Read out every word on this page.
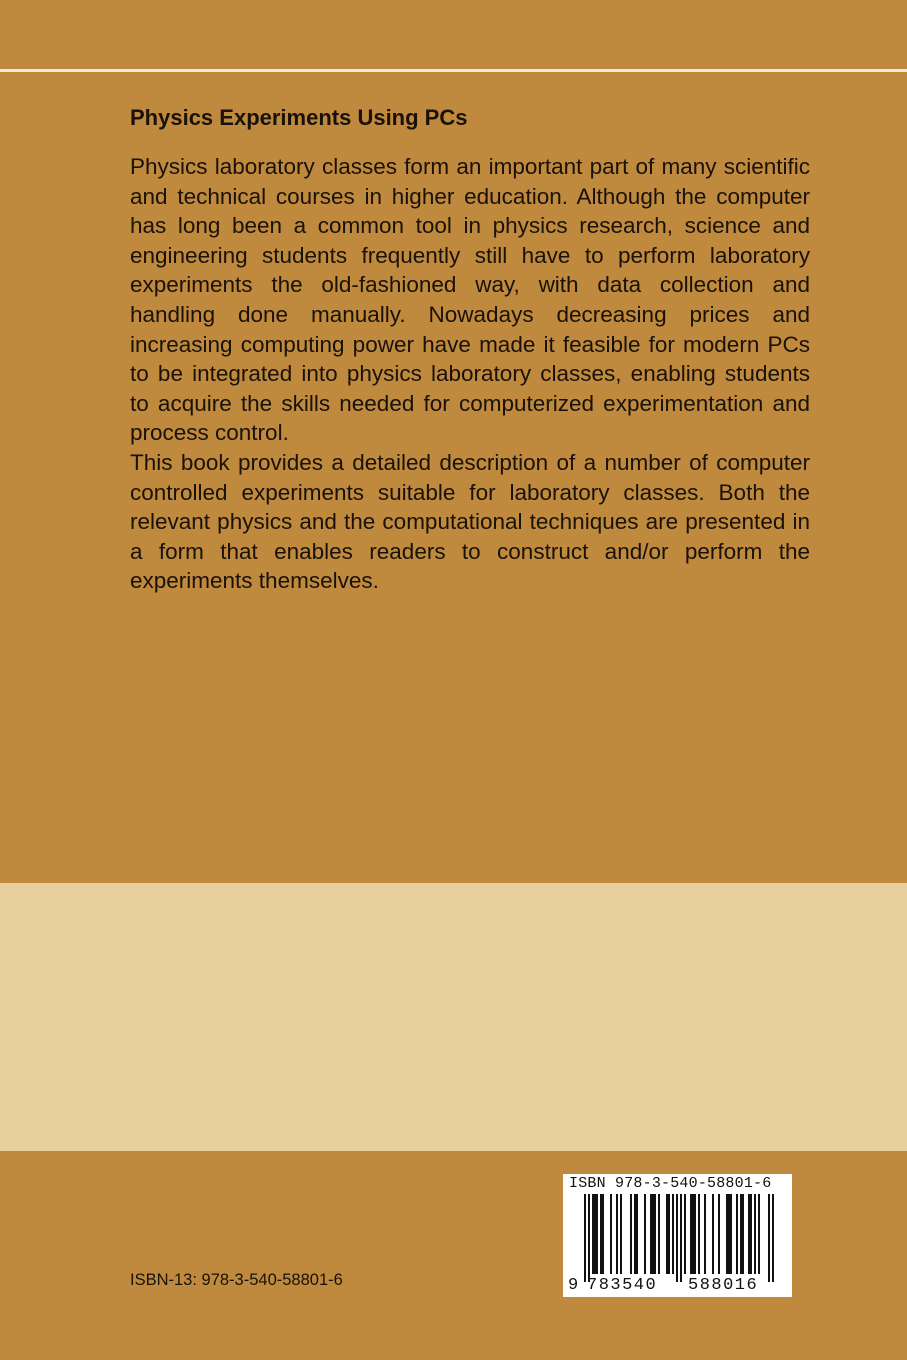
Physics Experiments Using PCs

Physics laboratory classes form an important part of many scientific and technical courses in higher education. Although the computer has long been a common tool in physics research, science and engineering students frequently still have to perform laboratory experiments the old-fashioned way, with data collection and handling done manually. Nowadays decreasing prices and increasing computing power have made it feasible for modern PCs to be integrated into physics laboratory classes, enabling students to acquire the skills needed for computerized experimentation and process control.

This book provides a detailed description of a number of computer controlled experiments suitable for laboratory classes. Both the relevant physics and the computational techniques are presented in a form that enables readers to construct and/or perform the experiments themselves.

ISBN-13: 978-3-540-58801-6
ISBN 978-3-540-58801-6
9 783540 588016
